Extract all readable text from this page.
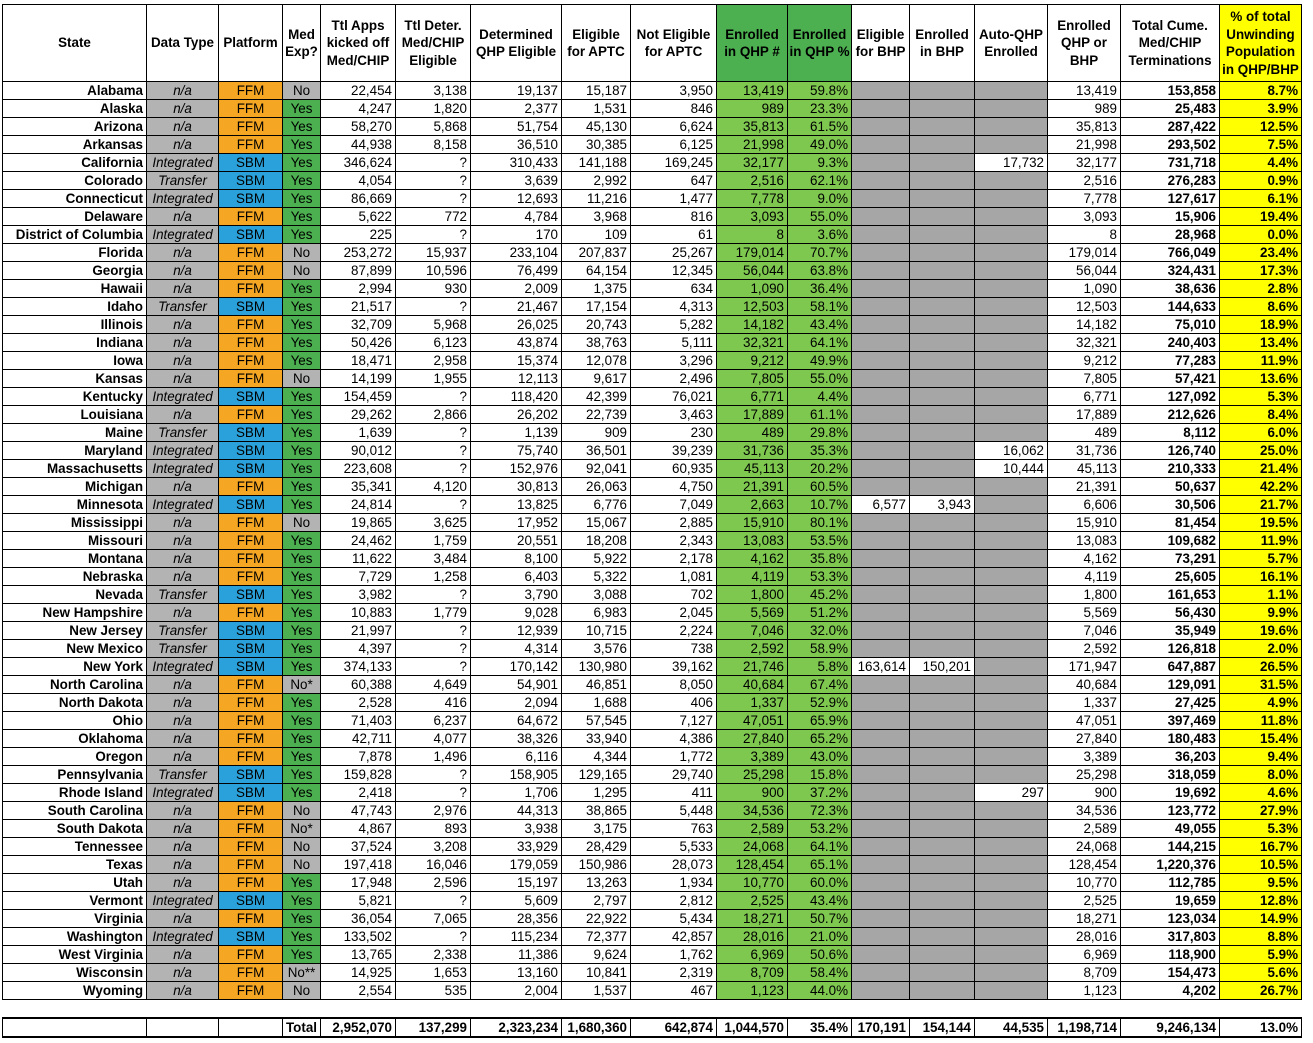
State	Data Type	Platform	Med Exp?	Ttl Apps kicked off Med/CHIP	Ttl Deter. Med/CHIP Eligible	Determined QHP Eligible	Eligible for APTC	Not Eligible for APTC	Enrolled in QHP #	Enrolled in QHP %	Eligible for BHP	Enrolled in BHP	Auto-QHP Enrolled	Enrolled QHP or BHP	Total Cume. Med/CHIP Terminations	% of total Unwinding Population in QHP/BHP
Alabama	n/a	FFM	No	22,454	3,138	19,137	15,187	3,950	13,419	59.8%				13,419	153,858	8.7%
Alaska	n/a	FFM	Yes	4,247	1,820	2,377	1,531	846	989	23.3%				989	25,483	3.9%
Arizona	n/a	FFM	Yes	58,270	5,868	51,754	45,130	6,624	35,813	61.5%				35,813	287,422	12.5%
Arkansas	n/a	FFM	Yes	44,938	8,158	36,510	30,385	6,125	21,998	49.0%				21,998	293,502	7.5%
California	Integrated	SBM	Yes	346,624	?	310,433	141,188	169,245	32,177	9.3%			17,732	32,177	731,718	4.4%
Colorado	Transfer	SBM	Yes	4,054	?	3,639	2,992	647	2,516	62.1%				2,516	276,283	0.9%
Connecticut	Integrated	SBM	Yes	86,669	?	12,693	11,216	1,477	7,778	9.0%				7,778	127,617	6.1%
Delaware	n/a	FFM	Yes	5,622	772	4,784	3,968	816	3,093	55.0%				3,093	15,906	19.4%
District of Columbia	Integrated	SBM	Yes	225	?	170	109	61	8	3.6%				8	28,968	0.0%
Florida	n/a	FFM	No	253,272	15,937	233,104	207,837	25,267	179,014	70.7%				179,014	766,049	23.4%
Georgia	n/a	FFM	No	87,899	10,596	76,499	64,154	12,345	56,044	63.8%				56,044	324,431	17.3%
Hawaii	n/a	FFM	Yes	2,994	930	2,009	1,375	634	1,090	36.4%				1,090	38,636	2.8%
Idaho	Transfer	SBM	Yes	21,517	?	21,467	17,154	4,313	12,503	58.1%				12,503	144,633	8.6%
Illinois	n/a	FFM	Yes	32,709	5,968	26,025	20,743	5,282	14,182	43.4%				14,182	75,010	18.9%
Indiana	n/a	FFM	Yes	50,426	6,123	43,874	38,763	5,111	32,321	64.1%				32,321	240,403	13.4%
Iowa	n/a	FFM	Yes	18,471	2,958	15,374	12,078	3,296	9,212	49.9%				9,212	77,283	11.9%
Kansas	n/a	FFM	No	14,199	1,955	12,113	9,617	2,496	7,805	55.0%				7,805	57,421	13.6%
Kentucky	Integrated	SBM	Yes	154,459	?	118,420	42,399	76,021	6,771	4.4%				6,771	127,092	5.3%
Louisiana	n/a	FFM	Yes	29,262	2,866	26,202	22,739	3,463	17,889	61.1%				17,889	212,626	8.4%
Maine	Transfer	SBM	Yes	1,639	?	1,139	909	230	489	29.8%				489	8,112	6.0%
Maryland	Integrated	SBM	Yes	90,012	?	75,740	36,501	39,239	31,736	35.3%			16,062	31,736	126,740	25.0%
Massachusetts	Integrated	SBM	Yes	223,608	?	152,976	92,041	60,935	45,113	20.2%			10,444	45,113	210,333	21.4%
Michigan	n/a	FFM	Yes	35,341	4,120	30,813	26,063	4,750	21,391	60.5%				21,391	50,637	42.2%
Minnesota	Integrated	SBM	Yes	24,814	?	13,825	6,776	7,049	2,663	10.7%	6,577	3,943		6,606	30,506	21.7%
Mississippi	n/a	FFM	No	19,865	3,625	17,952	15,067	2,885	15,910	80.1%				15,910	81,454	19.5%
Missouri	n/a	FFM	Yes	24,462	1,759	20,551	18,208	2,343	13,083	53.5%				13,083	109,682	11.9%
Montana	n/a	FFM	Yes	11,622	3,484	8,100	5,922	2,178	4,162	35.8%				4,162	73,291	5.7%
Nebraska	n/a	FFM	Yes	7,729	1,258	6,403	5,322	1,081	4,119	53.3%				4,119	25,605	16.1%
Nevada	Transfer	SBM	Yes	3,982	?	3,790	3,088	702	1,800	45.2%				1,800	161,653	1.1%
New Hampshire	n/a	FFM	Yes	10,883	1,779	9,028	6,983	2,045	5,569	51.2%				5,569	56,430	9.9%
New Jersey	Transfer	SBM	Yes	21,997	?	12,939	10,715	2,224	7,046	32.0%				7,046	35,949	19.6%
New Mexico	Transfer	SBM	Yes	4,397	?	4,314	3,576	738	2,592	58.9%				2,592	126,818	2.0%
New York	Integrated	SBM	Yes	374,133	?	170,142	130,980	39,162	21,746	5.8%	163,614	150,201		171,947	647,887	26.5%
North Carolina	n/a	FFM	No*	60,388	4,649	54,901	46,851	8,050	40,684	67.4%				40,684	129,091	31.5%
North Dakota	n/a	FFM	Yes	2,528	416	2,094	1,688	406	1,337	52.9%				1,337	27,425	4.9%
Ohio	n/a	FFM	Yes	71,403	6,237	64,672	57,545	7,127	47,051	65.9%				47,051	397,469	11.8%
Oklahoma	n/a	FFM	Yes	42,711	4,077	38,326	33,940	4,386	27,840	65.2%				27,840	180,483	15.4%
Oregon	n/a	FFM	Yes	7,878	1,496	6,116	4,344	1,772	3,389	43.0%				3,389	36,203	9.4%
Pennsylvania	Transfer	SBM	Yes	159,828	?	158,905	129,165	29,740	25,298	15.8%				25,298	318,059	8.0%
Rhode Island	Integrated	SBM	Yes	2,418	?	1,706	1,295	411	900	37.2%			297	900	19,692	4.6%
South Carolina	n/a	FFM	No	47,743	2,976	44,313	38,865	5,448	34,536	72.3%				34,536	123,772	27.9%
South Dakota	n/a	FFM	No*	4,867	893	3,938	3,175	763	2,589	53.2%				2,589	49,055	5.3%
Tennessee	n/a	FFM	No	37,524	3,208	33,929	28,429	5,533	24,068	64.1%				24,068	144,215	16.7%
Texas	n/a	FFM	No	197,418	16,046	179,059	150,986	28,073	128,454	65.1%				128,454	1,220,376	10.5%
Utah	n/a	FFM	Yes	17,948	2,596	15,197	13,263	1,934	10,770	60.0%				10,770	112,785	9.5%
Vermont	Integrated	SBM	Yes	5,821	?	5,609	2,797	2,812	2,525	43.4%				2,525	19,659	12.8%
Virginia	n/a	FFM	Yes	36,054	7,065	28,356	22,922	5,434	18,271	50.7%				18,271	123,034	14.9%
Washington	Integrated	SBM	Yes	133,502	?	115,234	72,377	42,857	28,016	21.0%				28,016	317,803	8.8%
West Virginia	n/a	FFM	Yes	13,765	2,338	11,386	9,624	1,762	6,969	50.6%				6,969	118,900	5.9%
Wisconsin	n/a	FFM	No**	14,925	1,653	13,160	10,841	2,319	8,709	58.4%				8,709	154,473	5.6%
Wyoming	n/a	FFM	No	2,554	535	2,004	1,537	467	1,123	44.0%				1,123	4,202	26.7%

			Total	2,952,070	137,299	2,323,234	1,680,360	642,874	1,044,570	35.4%	170,191	154,144	44,535	1,198,714	9,246,134	13.0%
